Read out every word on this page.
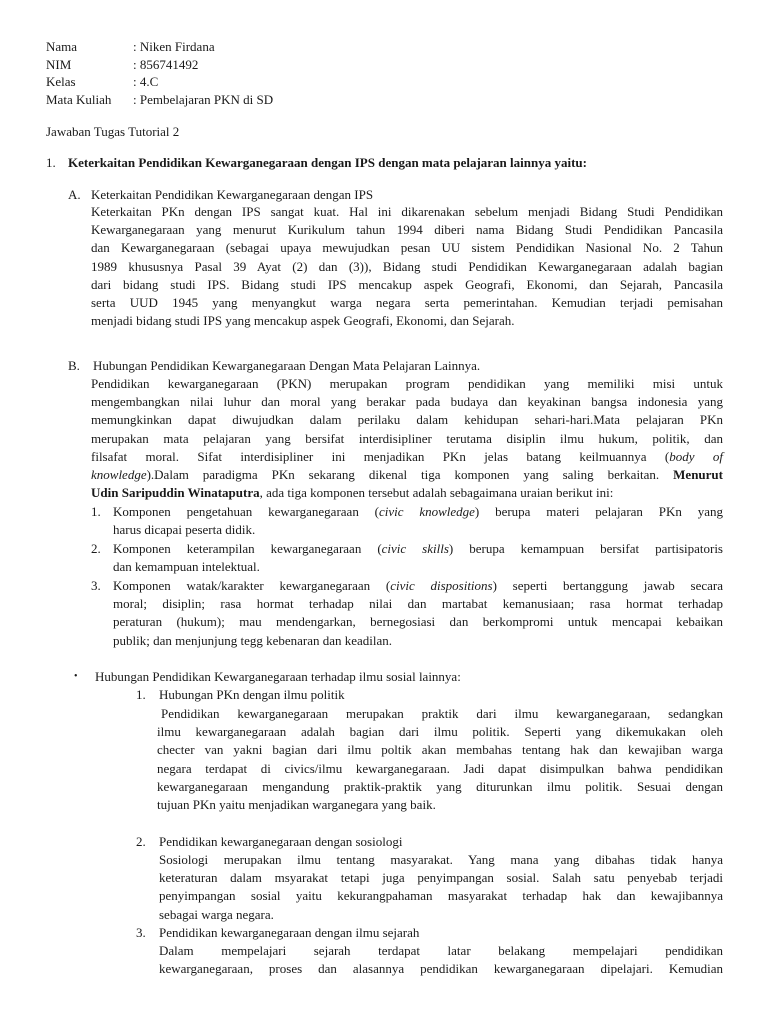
Nama	: Niken Firdana
NIM	: 856741492
Kelas	: 4.C
Mata Kuliah : Pembelajaran PKN di SD
Jawaban Tugas Tutorial 2
1. Keterkaitan Pendidikan Kewarganegaraan dengan IPS dengan mata pelajaran lainnya yaitu:
A. Keterkaitan Pendidikan Kewarganegaraan dengan IPS
Keterkaitan PKn dengan IPS sangat kuat. Hal ini dikarenakan sebelum menjadi Bidang Studi Pendidikan
Kewarganegaraan yang menurut Kurikulum tahun 1994 diberi nama Bidang Studi Pendidikan Pancasila
dan Kewarganegaraan (sebagai upaya mewujudkan pesan UU sistem Pendidikan Nasional No. 2 Tahun
1989 khususnya Pasal 39 Ayat (2) dan (3)), Bidang studi Pendidikan Kewarganegaraan adalah bagian
dari bidang studi IPS. Bidang studi IPS mencakup aspek Geografi, Ekonomi, dan Sejarah, Pancasila
serta UUD 1945 yang menyangkut warga negara serta pemerintahan. Kemudian terjadi pemisahan
menjadi bidang studi IPS yang mencakup aspek Geografi, Ekonomi, dan Sejarah.
B. Hubungan Pendidikan Kewarganegaraan Dengan Mata Pelajaran Lainnya.
Pendidikan kewarganegaraan (PKN) merupakan program pendidikan yang memiliki misi untuk
mengembangkan nilai luhur dan moral yang berakar pada budaya dan keyakinan bangsa indonesia yang
memungkinkan dapat diwujudkan dalam perilaku dalam kehidupan sehari-hari.Mata pelajaran PKn
merupakan mata pelajaran yang bersifat interdisipliner terutama disiplin ilmu hukum, politik, dan
filsafat moral. Sifat interdisipliner ini menjadikan PKn jelas batang keilmuannya (body of
knowledge).Dalam paradigma PKn sekarang dikenal tiga komponen yang saling berkaitan. Menurut
Udin Saripuddin Winataputra, ada tiga komponen tersebut adalah sebagaimana uraian berikut ini:
1. Komponen pengetahuan kewarganegaraan (civic knowledge) berupa materi pelajaran PKn yang
harus dicapai peserta didik.
2. Komponen keterampilan kewarganegaraan (civic skills) berupa kemampuan bersifat partisipatoris
dan kemampuan intelektual.
3. Komponen watak/karakter kewarganegaraan (civic dispositions) seperti bertanggung jawab secara
moral; disiplin; rasa hormat terhadap nilai dan martabat kemanusiaan; rasa hormat terhadap
peraturan (hukum); mau mendengarkan, bernegosiasi dan berkompromi untuk mencapai kebaikan
publik; dan menjunjung tegg kebenaran dan keadilan.
• Hubungan Pendidikan Kewarganegaraan terhadap ilmu sosial lainnya:
1. Hubungan PKn dengan ilmu politik
Pendidikan kewarganegaraan merupakan praktik dari ilmu kewarganegaraan, sedangkan
ilmu kewarganegaraan adalah bagian dari ilmu politik. Seperti yang dikemukakan oleh
checter van yakni bagian dari ilmu poltik akan membahas tentang hak dan kewajiban warga
negara terdapat di civics/ilmu kewarganegaraan. Jadi dapat disimpulkan bahwa pendidikan
kewarganegaraan mengandung praktik-praktik yang diturunkan ilmu politik. Sesuai dengan
tujuan PKn yaitu menjadikan warganegara yang baik.
2. Pendidikan kewarganegaraan dengan sosiologi
Sosiologi merupakan ilmu tentang masyarakat. Yang mana yang dibahas tidak hanya
keteraturan dalam msyarakat tetapi juga penyimpangan sosial. Salah satu penyebab terjadi
penyimpangan sosial yaitu kekurangpahaman masyarakat terhadap hak dan kewajibannya
sebagai warga negara.
3. Pendidikan kewarganegaraan dengan ilmu sejarah
Dalam mempelajari sejarah terdapat latar belakang mempelajari pendidikan
kewarganegaraan, proses dan alasannya pendidikan kewarganegaraan dipelajari. Kemudian
